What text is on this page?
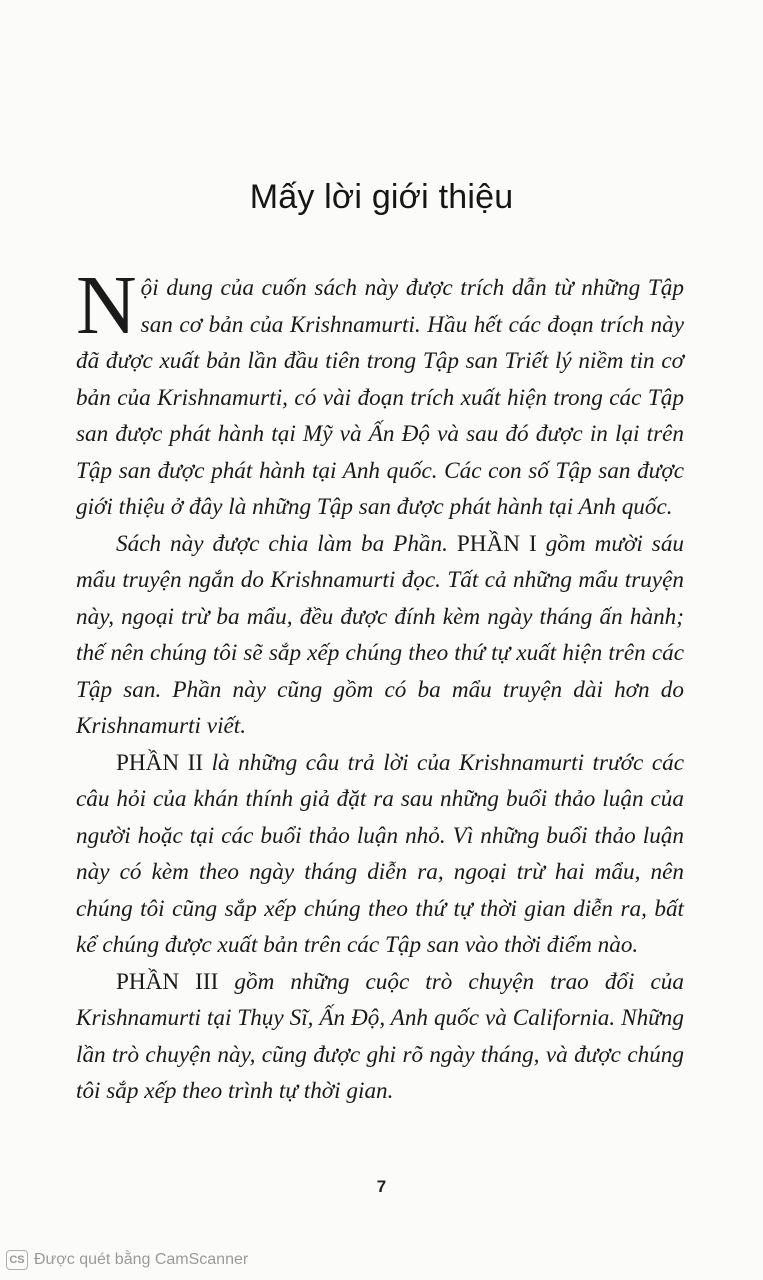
Mấy lời giới thiệu

Nội dung của cuốn sách này được trích dẫn từ những Tập san cơ bản của Krishnamurti. Hầu hết các đoạn trích này đã được xuất bản lần đầu tiên trong Tập san Triết lý niềm tin cơ bản của Krishnamurti, có vài đoạn trích xuất hiện trong các Tập san được phát hành tại Mỹ và Ấn Độ và sau đó được in lại trên Tập san được phát hành tại Anh quốc. Các con số Tập san được giới thiệu ở đây là những Tập san được phát hành tại Anh quốc.

Sách này được chia làm ba Phần. PHẦN I gồm mười sáu mẩu truyện ngắn do Krishnamurti đọc. Tất cả những mẩu truyện này, ngoại trừ ba mẩu, đều được đính kèm ngày tháng ấn hành; thế nên chúng tôi sẽ sắp xếp chúng theo thứ tự xuất hiện trên các Tập san. Phần này cũng gồm có ba mẩu truyện dài hơn do Krishnamurti viết.

PHẦN II là những câu trả lời của Krishnamurti trước các câu hỏi của khán thính giả đặt ra sau những buổi thảo luận của người hoặc tại các buổi thảo luận nhỏ. Vì những buổi thảo luận này có kèm theo ngày tháng diễn ra, ngoại trừ hai mẩu, nên chúng tôi cũng sắp xếp chúng theo thứ tự thời gian diễn ra, bất kể chúng được xuất bản trên các Tập san vào thời điểm nào.

PHẦN III gồm những cuộc trò chuyện trao đổi của Krishnamurti tại Thụy Sĩ, Ấn Độ, Anh quốc và California. Những lần trò chuyện này, cũng được ghi rõ ngày tháng, và được chúng tôi sắp xếp theo trình tự thời gian.

7
CS Được quét bằng CamScanner
